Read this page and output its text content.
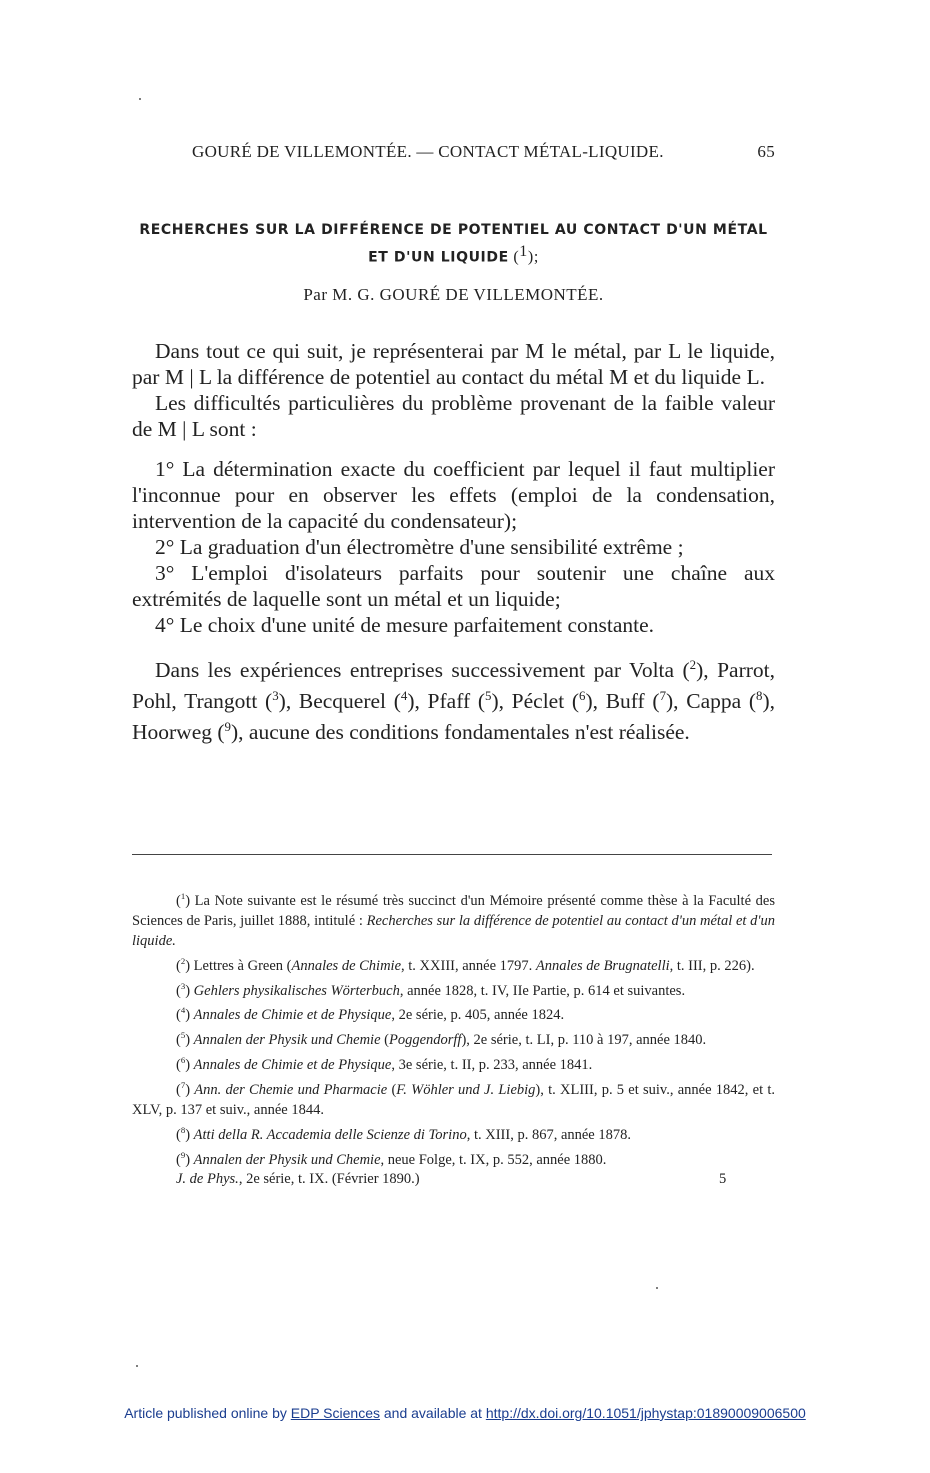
GOURÉ DE VILLEMONTÉE. — CONTACT MÉTAL-LIQUIDE.	65
RECHERCHES SUR LA DIFFÉRENCE DE POTENTIEL AU CONTACT D'UN MÉTAL
ET D'UN LIQUIDE ($^1$);
Par M. G. GOURÉ DE VILLEMONTÉE.

Dans tout ce qui suit, je représenterai par M le métal, par L le liquide, par M | L la différence de potentiel au contact du métal M et du liquide L.

Les difficultés particulières du problème provenant de la faible valeur de M | L sont :

1° La détermination exacte du coefficient par lequel il faut multiplier l'inconnue pour en observer les effets (emploi de la condensation, intervention de la capacité du condensateur);

2° La graduation d'un électromètre d'une sensibilité extrême ;

3° L'emploi d'isolateurs parfaits pour soutenir une chaîne aux extrémités de laquelle sont un métal et un liquide;

4° Le choix d'une unité de mesure parfaitement constante.

Dans les expériences entreprises successivement par Volta ($^2$), Parrot, Pohl, Trangott ($^3$), Becquerel ($^4$), Pfaff ($^5$), Péclet ($^6$), Buff ($^7$), Cappa ($^8$), Hoorweg ($^9$), aucune des conditions fondamentales n'est réalisée.

($^1$) La Note suivante est le résumé très succinct d'un Mémoire présenté comme thèse à la Faculté des Sciences de Paris, juillet 1888, intitulé : Recherches sur la différence de potentiel au contact d'un métal et d'un liquide.

($^2$) Lettres à Green (Annales de Chimie, t. XXIII, année 1797. Annales de Brugnatelli, t. III, p. 226).

($^3$) Gehlers physikalisches Wörterbuch, année 1828, t. IV, IIe Partie, p. 614 et suivantes.

($^4$) Annales de Chimie et de Physique, 2e série, p. 405, année 1824.

($^5$) Annalen der Physik und Chemie (Poggendorff), 2e série, t. LI, p. 110 à 197, année 1840.

($^6$) Annales de Chimie et de Physique, 3e série, t. II, p. 233, année 1841.

($^7$) Ann. der Chemie und Pharmacie (F. Wöhler und J. Liebig), t. XLIII, p. 5 et suiv., année 1842, et t. XLV, p. 137 et suiv., année 1844.

($^8$) Atti della R. Accademia delle Scienze di Torino, t. XIII, p. 867, année 1878.

($^9$) Annalen der Physik und Chemie, neue Folge, t. IX, p. 552, année 1880.

J. de Phys., 2e série, t. IX. (Février 1890.)	5

Article published online by EDP Sciences and available at http://dx.doi.org/10.1051/jphystap:01890009006500
